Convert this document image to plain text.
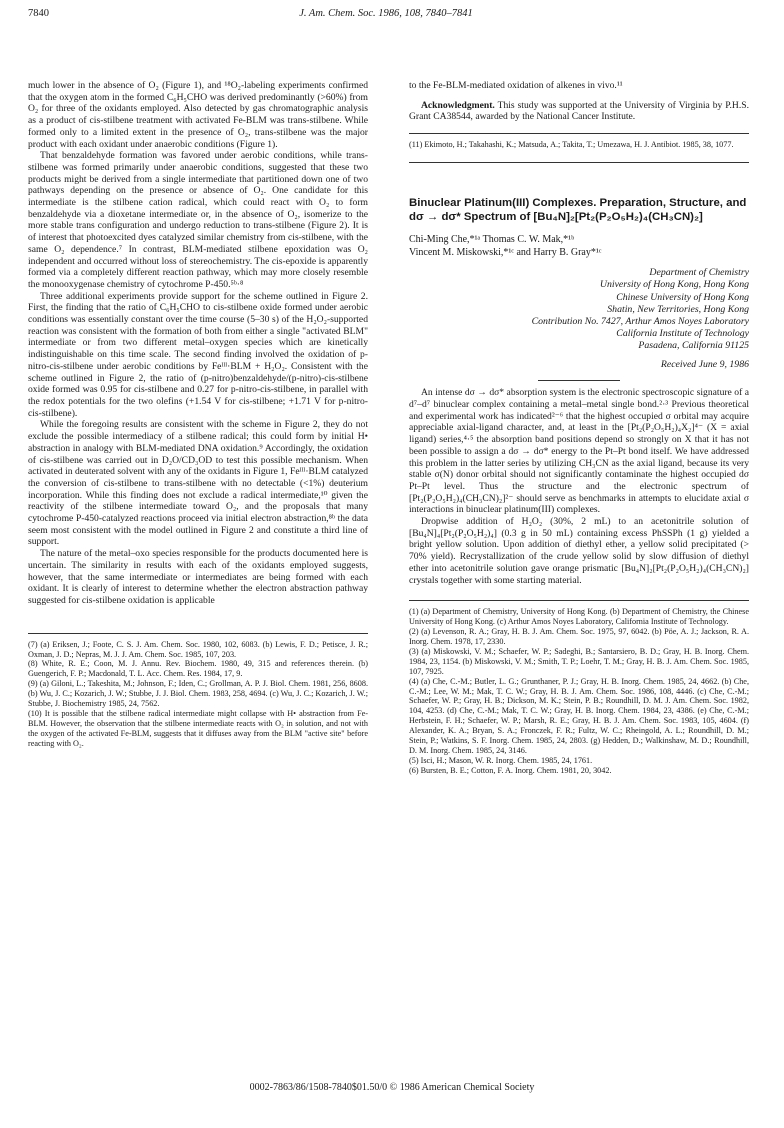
7840	J. Am. Chem. Soc. 1986, 108, 7840–7841

much lower in the absence of O₂ (Figure 1), and ¹⁸O₂-labeling experiments confirmed that the oxygen atom in the formed C₆H₅CHO was derived predominantly (>60%) from O₂ for three of the oxidants employed. Also detected by gas chromatographic analysis as a product of cis-stilbene treatment with activated Fe-BLM was trans-stilbene. While formed only to a limited extent in the presence of O₂, trans-stilbene was the major product with each oxidant under anaerobic conditions (Figure 1).

That benzaldehyde formation was favored under aerobic conditions, while trans-stilbene was formed primarily under anaerobic conditions, suggested that these two products might be derived from a single intermediate that partitioned down one of two pathways depending on the presence or absence of O₂. One candidate for this intermediate is the stilbene cation radical, which could react with O₂ to form benzaldehyde via a dioxetane intermediate or, in the absence of O₂, isomerize to the more stable trans configuration and undergo reduction to trans-stilbene (Figure 2). It is of interest that photoexcited dyes catalyzed similar chemistry from cis-stilbene, with the same O₂ dependence.⁷ In contrast, BLM-mediated stilbene epoxidation was O₂ independent and occurred without loss of stereochemistry. The cis-epoxide is apparently formed via a completely different reaction pathway, which may more closely resemble the monooxygenase chemistry of cytochrome P-450.⁵ᵇ·⁸

Three additional experiments provide support for the scheme outlined in Figure 2. First, the finding that the ratio of C₆H₅CHO to cis-stilbene oxide formed under aerobic conditions was essentially constant over the time course (5–30 s) of the H₂O₂-supported reaction was consistent with the formation of both from either a single "activated BLM" intermediate or from two different metal–oxygen species which are kinetically indistinguishable on this time scale. The second finding involved the oxidation of p-nitro-cis-stilbene under aerobic conditions by Feᴵᴵᴵ·BLM + H₂O₂. Consistent with the scheme outlined in Figure 2, the ratio of (p-nitro)benzaldehyde/(p-nitro)-cis-stilbene oxide formed was 0.95 for cis-stilbene and 0.27 for p-nitro-cis-stilbene, in parallel with the redox potentials for the two olefins (+1.54 V for cis-stilbene; +1.71 V for p-nitro-cis-stilbene).

While the foregoing results are consistent with the scheme in Figure 2, they do not exclude the possible intermediacy of a stilbene radical; this could form by initial H• abstraction in analogy with BLM-mediated DNA oxidation.⁹ Accordingly, the oxidation of cis-stilbene was carried out in D₂O/CD₃OD to test this possible mechanism. When activated in deuterated solvent with any of the oxidants in Figure 1, Feᴵᴵᴵ·BLM catalyzed the conversion of cis-stilbene to trans-stilbene with no detectable (<1%) deuterium incorporation. While this finding does not exclude a radical intermediate,¹⁰ given the reactivity of the stilbene intermediate toward O₂, and the proposals that many cytochrome P-450-catalyzed reactions proceed via initial electron abstraction,⁸ᵇ the data seem most consistent with the model outlined in Figure 2 and constitute a third line of support.

The nature of the metal–oxo species responsible for the products documented here is uncertain. The similarity in results with each of the oxidants employed suggests, however, that the same intermediate or intermediates are being formed with each oxidant. It is clearly of interest to determine whether the electron abstraction pathway suggested for cis-stilbene oxidation is applicable

(7) (a) Eriksen, J.; Foote, C. S. J. Am. Chem. Soc. 1980, 102, 6083. (b) Lewis, F. D.; Petisce, J. R.; Oxman, J. D.; Nepras, M. J. J. Am. Chem. Soc. 1985, 107, 203.

(8) White, R. E.; Coon, M. J. Annu. Rev. Biochem. 1980, 49, 315 and references therein. (b) Guengerich, F. P.; Macdonald, T. L. Acc. Chem. Res. 1984, 17, 9.

(9) (a) Giloni, L.; Takeshita, M.; Johnson, F.; Iden, C.; Grollman, A. P. J. Biol. Chem. 1981, 256, 8608. (b) Wu, J. C.; Kozarich, J. W.; Stubbe, J. J. Biol. Chem. 1983, 258, 4694. (c) Wu, J. C.; Kozarich, J. W.; Stubbe, J. Biochemistry 1985, 24, 7562.

(10) It is possible that the stilbene radical intermediate might collapse with H• abstraction from Fe-BLM. However, the observation that the stilbene intermediate reacts with O₂ in solution, and not with the oxygen of the activated Fe-BLM, suggests that it diffuses away from the BLM "active site" before reacting with O₂.

to the Fe-BLM-mediated oxidation of alkenes in vivo.¹¹

Acknowledgment. This study was supported at the University of Virginia by P.H.S. Grant CA38544, awarded by the National Cancer Institute.

(11) Ekimoto, H.; Takahashi, K.; Matsuda, A.; Takita, T.; Umezawa, H. J. Antibiot. 1985, 38, 1077.

Binuclear Platinum(III) Complexes. Preparation, Structure, and dσ → dσ* Spectrum of [Bu₄N]₂[Pt₂(P₂O₅H₂)₄(CH₃CN)₂]
Chi-Ming Che,*¹ᵃ Thomas C. W. Mak,*¹ᵇ
Vincent M. Miskowski,*¹ᶜ and Harry B. Gray*¹ᶜ
Department of Chemistry
University of Hong Kong, Hong Kong
Chinese University of Hong Kong
Shatin, New Territories, Hong Kong
Contribution No. 7427, Arthur Amos Noyes Laboratory
California Institute of Technology
Pasadena, California 91125
Received June 9, 1986

An intense dσ → dσ* absorption system is the electronic spectroscopic signature of a d⁷–d⁷ binuclear complex containing a metal–metal single bond.²·³ Previous theoretical and experimental work has indicated²⁻⁶ that the highest occupied σ orbital may acquire appreciable axial-ligand character, and, at least in the [Pt₂(P₂O₅H₂)₄X₂]⁴⁻ (X = axial ligand) series,⁴·⁵ the absorption band positions depend so strongly on X that it has not been possible to assign a dσ → dσ* energy to the Pt–Pt bond itself. We have addressed this problem in the latter series by utilizing CH₃CN as the axial ligand, because its very stable σ(N) donor orbital should not significantly contaminate the highest occupied dσ Pt–Pt level. Thus the structure and the electronic spectrum of [Pt₂(P₂O₅H₂)₄(CH₃CN)₂]²⁻ should serve as benchmarks in attempts to elucidate axial σ interactions in binuclear platinum(III) complexes.

Dropwise addition of H₂O₂ (30%, 2 mL) to an acetonitrile solution of [Bu₄N]₄[Pt₂(P₂O₅H₂)₄] (0.3 g in 50 mL) containing excess PhSSPh (1 g) yielded a bright yellow solution. Upon addition of diethyl ether, a yellow solid precipitated (> 70% yield). Recrystallization of the crude yellow solid by slow diffusion of diethyl ether into acetonitrile solution gave orange prismatic [Bu₄N]₂[Pt₂(P₂O₅H₂)₄(CH₃CN)₂] crystals together with some starting material.

(1) (a) Department of Chemistry, University of Hong Kong. (b) Department of Chemistry, the Chinese University of Hong Kong. (c) Arthur Amos Noyes Laboratory, California Institute of Technology.

(2) (a) Levenson, R. A.; Gray, H. B. J. Am. Chem. Soc. 1975, 97, 6042. (b) Pöe, A. J.; Jackson, R. A. Inorg. Chem. 1978, 17, 2330.

(3) (a) Miskowski, V. M.; Schaefer, W. P.; Sadeghi, B.; Santarsiero, B. D.; Gray, H. B. Inorg. Chem. 1984, 23, 1154. (b) Miskowski, V. M.; Smith, T. P.; Loehr, T. M.; Gray, H. B. J. Am. Chem. Soc. 1985, 107, 7925.

(4) (a) Che, C.-M.; Butler, L. G.; Grunthaner, P. J.; Gray, H. B. Inorg. Chem. 1985, 24, 4662. (b) Che, C.-M.; Lee, W. M.; Mak, T. C. W.; Gray, H. B. J. Am. Chem. Soc. 1986, 108, 4446. (c) Che, C.-M.; Schaefer, W. P.; Gray, H. B.; Dickson, M. K.; Stein, P. B.; Roundhill, D. M. J. Am. Chem. Soc. 1982, 104, 4253. (d) Che, C.-M.; Mak, T. C. W.; Gray, H. B. Inorg. Chem. 1984, 23, 4386. (e) Che, C.-M.; Herbstein, F. H.; Schaefer, W. P.; Marsh, R. E.; Gray, H. B. J. Am. Chem. Soc. 1983, 105, 4604. (f) Alexander, K. A.; Bryan, S. A.; Fronczek, F. R.; Fultz, W. C.; Rheingold, A. L.; Roundhill, D. M.; Stein, P.; Watkins, S. F. Inorg. Chem. 1985, 24, 2803. (g) Hedden, D.; Walkinshaw, M. D.; Roundhill, D. M. Inorg. Chem. 1985, 24, 3146.

(5) Isci, H.; Mason, W. R. Inorg. Chem. 1985, 24, 1761.

(6) Bursten, B. E.; Cotton, F. A. Inorg. Chem. 1981, 20, 3042.

0002-7863/86/1508-7840$01.50/0 © 1986 American Chemical Society
